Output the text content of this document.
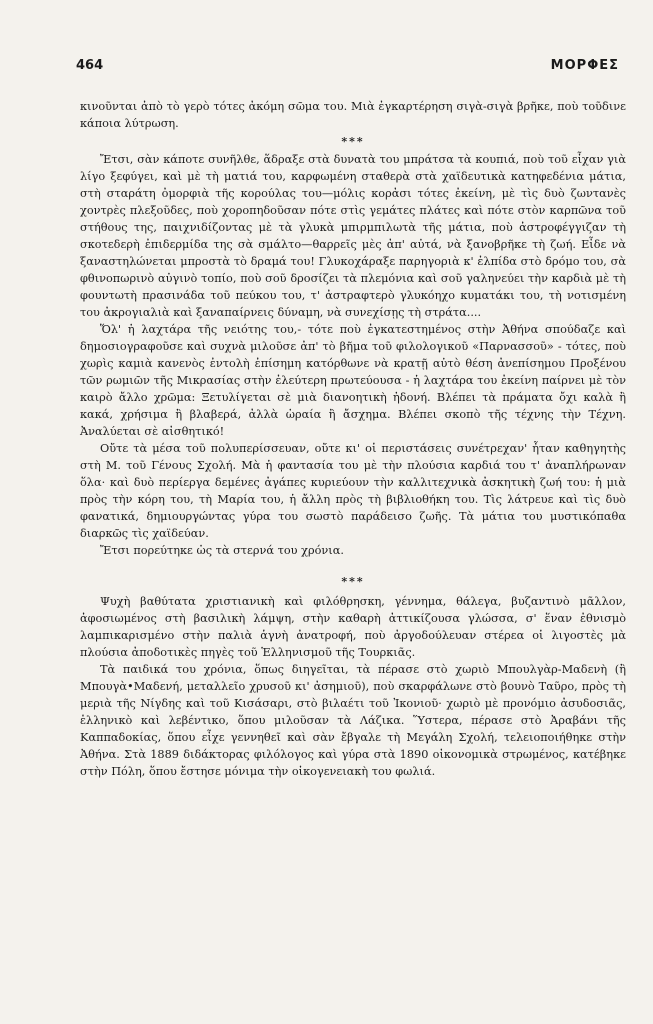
464	ΜΟΡΦΕΣ

κινοῦνται ἀπὸ τὸ γερὸ τότες ἀκόμη σῶμα του. Μιὰ ἐγκαρτέρηση σιγὰ-σιγὰ βρῆκε, ποὺ τοῦδινε κάποια λύτρωση.

***

Ἔτσι, σὰν κάποτε συνῆλθε, ἅδραξε στὰ δυνατὰ του μπράτσα τὰ κουπιά, ποὺ τοῦ εἶχαν γιὰ λίγο ξεφύγει, καὶ μὲ τὴ ματιά του, καρφωμένη σταθερὰ στὰ χαϊδευτικὰ κατηφεδένια μάτια, στὴ σταράτη ὀμορφιὰ τῆς κορούλας του—μόλις κορἀσι τότες ἐκείνη, μὲ τὶς δυὸ ζωντανὲς χοντρὲς πλεξοῦδες, ποὺ χοροπηδοῦσαν πότε στὶς γεμάτες πλάτες καὶ πότε στὸν καρπῶνα τοῦ στήθους της, παιχνιδίζοντας μὲ τὰ γλυκὰ μπιρμπιλωτὰ τῆς μάτια, ποὺ ἀστροφέγγιζαν τὴ σκοτεδερὴ ἐπιδερμίδα της σὰ σμάλτο—θαρρεῖς μὲς ἀπ' αὐτά, νὰ ξανοβρῆκε τὴ ζωή. Εἶδε νὰ ξαναστηλώνεται μπροστὰ τὸ δραμά του! Γλυκοχάραξε παρηγοριὰ κ' ἐλπίδα στὸ δρόμο του, σὰ φθινοπωρινὸ αὐγινὸ τοπίο, ποὺ σοῦ δροσίζει τὰ πλεμόνια καὶ σοῦ γαληνεύει τὴν καρδιὰ μὲ τὴ φουντωτὴ πρασινάδα τοῦ πεύκου του, τ' ἀστραφτερὸ γλυκόηχο κυματάκι του, τὴ νοτισμένη του ἀκρογιαλιὰ καὶ ξαναπαίρνεις δύναμη, νὰ συνεχίσῃς τὴ στράτα....

Ὅλ' ἡ λαχτάρα τῆς νειότης του,- τότε ποὺ ἐγκατεστημένος στὴν Ἀθήνα σπούδαζε καὶ δημοσιογραφοῦσε καὶ συχνὰ μιλοῦσε ἀπ' τὸ βῆμα τοῦ φιλολογικοῦ «Παρνασσοῦ» - τότες, ποὺ χωρὶς καμιὰ κανενὸς ἐντολὴ ἐπίσημη κατόρθωνε νὰ κρατῇ αὐτὸ θέση ἀνεπίσημου Προξένου τῶν ρωμιῶν τῆς Μικρασίας στὴν ἐλεύτερη πρωτεύουσα - ἡ λαχτάρα του ἐκείνη παίρνει μὲ τὸν καιρὸ ἄλλο χρῶμα: Ξετυλίγεται σὲ μιὰ διανοητικὴ ἡδονή. Βλέπει τὰ πράματα ὄχι καλὰ ἢ κακά, χρήσιμα ἢ βλαβερά, ἀλλὰ ὡραία ἢ ἄσχημα. Βλέπει σκοπὸ τῆς τέχνης τὴν Τέχνη. Ἀναλύεται σὲ αἰσθητικό!

Οὔτε τὰ μέσα τοῦ πολυπερίσσευαν, οὔτε κι' οἱ περιστάσεις συνέτρεχαν' ἦταν καθηγητὴς στὴ Μ. τοῦ Γένους Σχολή. Μὰ ἡ φαντασία του μὲ τὴν πλούσια καρδιά του τ' ἀναπλήρωναν ὅλα· καὶ δυὸ περίεργα δεμένες ἀγάπες κυριεύουν τὴν καλλιτεχνικὰ ἀσκητικὴ ζωή του: ἡ μιὰ πρὸς τὴν κόρη του, τὴ Μαρία του, ἡ ἄλλη πρὸς τὴ βιβλιοθήκη του. Τὶς λάτρευε καὶ τὶς δυὸ φανατικά, δημιουργώντας γύρα του σωστὸ παράδεισο ζωῆς. Τὰ μάτια του μυστικόπαθα διαρκῶς τὶς χαϊδεύαν.

Ἔτσι πορεύτηκε ὡς τὰ στερνά του χρόνια.

***

Ψυχὴ βαθύτατα χριστιανικὴ καὶ φιλόθρησκη, γέννημα, θάλεγα, βυζαντινὸ μᾶλλον, ἀφοσιωμένος στὴ βασιλικὴ λάμψη, στὴν καθαρὴ ἀττικίζουσα γλώσσα, σ' ἕναν ἐθνισμὸ λαμπικαρισμένο στὴν παλιὰ ἁγνὴ ἀνατροφή, ποὺ ἀργοδούλευαν στέρεα οἱ λιγοστὲς μὰ πλούσια ἀποδοτικὲς πηγὲς τοῦ Ἑλληνισμοῦ τῆς Τουρκιᾶς.

Τὰ παιδικά του χρόνια, ὅπως διηγεῖται, τὰ πέρασε στὸ χωριὸ Μπουλγὰρ-Μαδενὴ (ἢ Μπουγὰ•Μαδενή, μεταλλεῖο χρυσοῦ κι' ἀσημιοῦ), ποὺ σκαρφάλωνε στὸ βουνὸ Ταῦρο, πρὸς τὴ μεριὰ τῆς Νίγδης καὶ τοῦ Κισάσαρι, στὸ βιλαέτι τοῦ Ἰκονιοῦ· χωριὸ μὲ προνόμιο ἀσυδοσιᾶς, ἑλληνικὸ καὶ λεβέντικο, ὅπου μιλοῦσαν τὰ Λάζικα. Ὕστερα, πέρασε στὸ Ἀραβάνι τῆς Καππαδοκίας, ὅπου εἶχε γεννηθεῖ καὶ σὰν ἔβγαλε τὴ Μεγάλη Σχολή, τελειοποιήθηκε στὴν Ἀθήνα. Στὰ 1889 διδάκτορας φιλόλογος καὶ γύρα στὰ 1890 οἰκονομικὰ στρωμένος, κατέβηκε στὴν Πόλη, ὅπου ἔστησε μόνιμα τὴν οἰκογενειακὴ του φωλιά.
